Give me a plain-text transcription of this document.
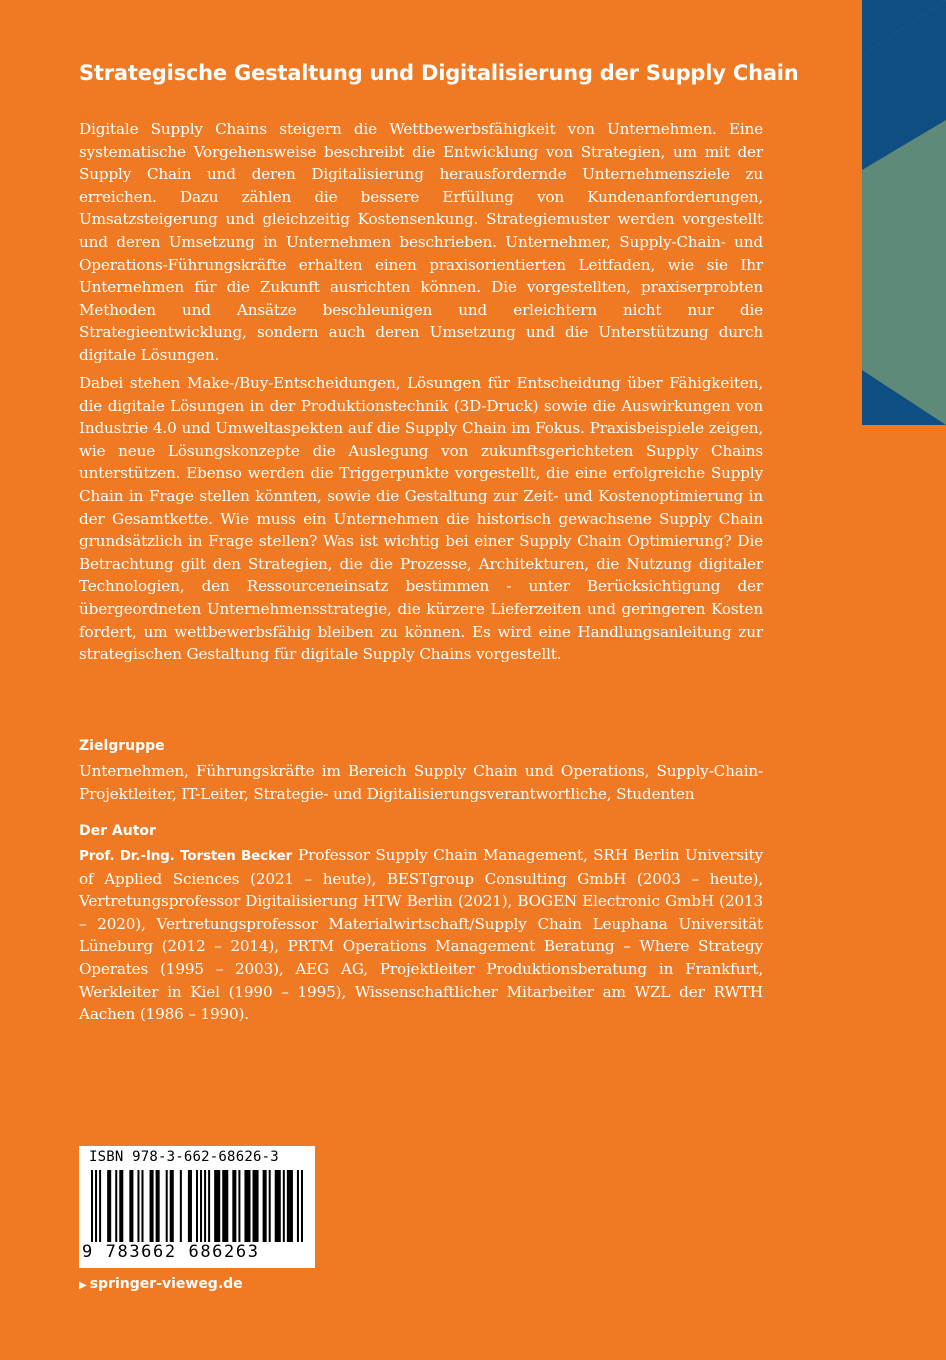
Strategische Gestaltung und Digitalisierung der Supply Chain

Digitale Supply Chains steigern die Wettbewerbsfähigkeit von Unternehmen. Eine systematische Vorgehensweise beschreibt die Entwicklung von Strategien, um mit der Supply Chain und deren Digitalisierung herausfordernde Unternehmensziele zu erreichen. Dazu zählen die bessere Erfüllung von Kundenanforderungen, Umsatzsteigerung und gleichzeitig Kostensenkung. Strategiemuster werden vorgestellt und deren Umsetzung in Unternehmen beschrieben. Unternehmer, Supply-Chain- und Operations-Führungskräfte erhalten einen praxisorientierten Leitfaden, wie sie Ihr Unternehmen für die Zukunft ausrichten können. Die vorgestellten, praxiserprobten Methoden und Ansätze beschleunigen und erleichtern nicht nur die Strategieentwicklung, sondern auch deren Umsetzung und die Unterstützung durch digitale Lösungen.

Dabei stehen Make-/Buy-Entscheidungen, Lösungen für Entscheidung über Fähigkeiten, die digitale Lösungen in der Produktionstechnik (3D-Druck) sowie die Auswirkungen von Industrie 4.0 und Umweltaspekten auf die Supply Chain im Fokus. Praxisbeispiele zeigen, wie neue Lösungskonzepte die Auslegung von zukunftsgerichteten Supply Chains unterstützen. Ebenso werden die Triggerpunkte vorgestellt, die eine erfolgreiche Supply Chain in Frage stellen könnten, sowie die Gestaltung zur Zeit- und Kostenoptimierung in der Gesamtkette. Wie muss ein Unternehmen die historisch gewachsene Supply Chain grundsätzlich in Frage stellen? Was ist wichtig bei einer Supply Chain Optimierung? Die Betrachtung gilt den Strategien, die die Prozesse, Architekturen, die Nutzung digitaler Technologien, den Ressourceneinsatz bestimmen - unter Berücksichtigung der übergeordneten Unternehmensstrategie, die kürzere Lieferzeiten und geringeren Kosten fordert, um wettbewerbsfähig bleiben zu können. Es wird eine Handlungsanleitung zur strategischen Gestaltung für digitale Supply Chains vorgestellt.

Zielgruppe

Unternehmen, Führungskräfte im Bereich Supply Chain und Operations, Supply-Chain-Projektleiter, IT-Leiter, Strategie- und Digitalisierungsverantwortliche, Studenten

Der Autor

Prof. Dr.-Ing. Torsten Becker Professor Supply Chain Management, SRH Berlin University of Applied Sciences (2021 – heute), BESTgroup Consulting GmbH (2003 – heute), Vertretungsprofessor Digitalisierung HTW Berlin (2021), BOGEN Electronic GmbH (2013 – 2020), Vertretungsprofessor Materialwirtschaft/Supply Chain Leuphana Universität Lüneburg (2012 – 2014), PRTM Operations Management Beratung – Where Strategy Operates (1995 – 2003), AEG AG, Projektleiter Produktionsberatung in Frankfurt, Werkleiter in Kiel (1990 – 1995), Wissenschaftlicher Mitarbeiter am WZL der RWTH Aachen (1986 – 1990).

ISBN 978-3-662-68626-3
9 783662 686263
▶ springer-vieweg.de
